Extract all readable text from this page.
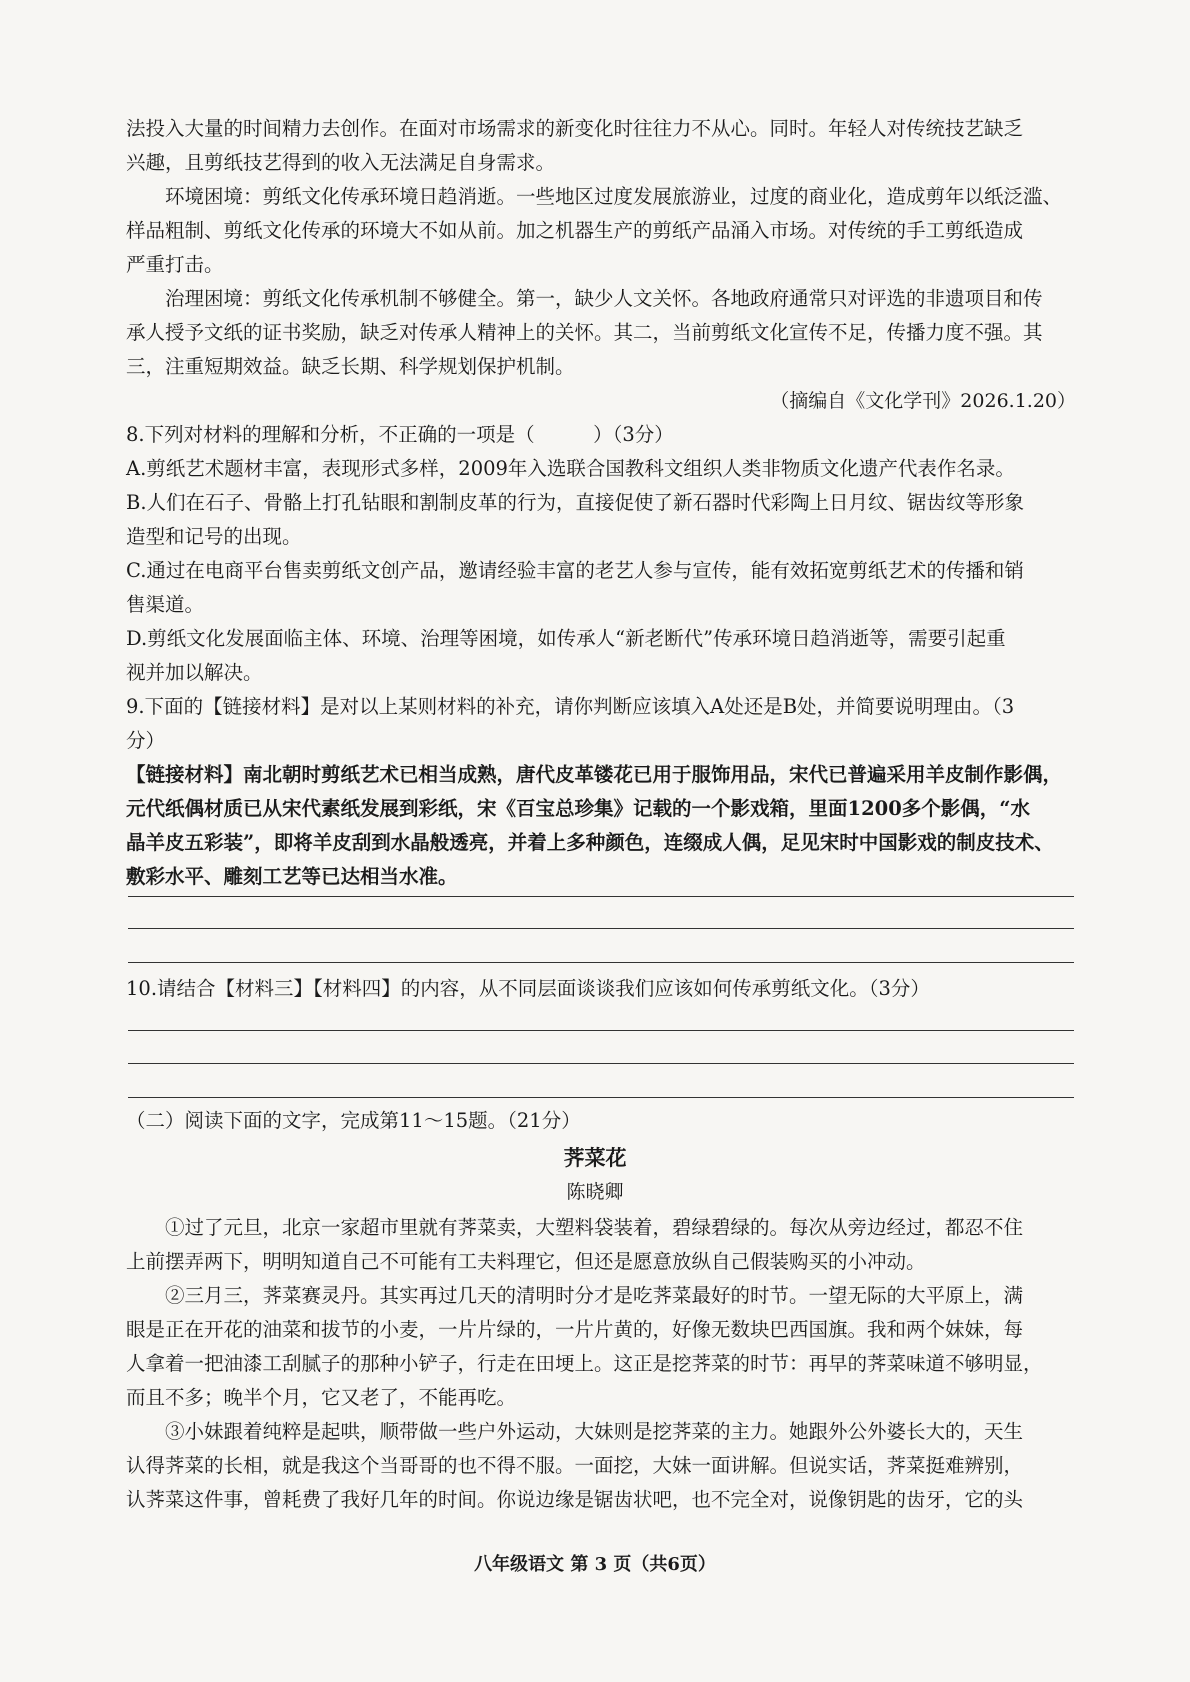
法投入大量的时间精力去创作。在面对市场需求的新变化时往往力不从心。同时。年轻人对传统技艺缺乏

兴趣，且剪纸技艺得到的收入无法满足自身需求。

环境困境：剪纸文化传承环境日趋消逝。一些地区过度发展旅游业，过度的商业化，造成剪年以纸泛滥、

样品粗制、剪纸文化传承的环境大不如从前。加之机器生产的剪纸产品涌入市场。对传统的手工剪纸造成

严重打击。

治理困境：剪纸文化传承机制不够健全。第一，缺少人文关怀。各地政府通常只对评选的非遗项目和传

承人授予文纸的证书奖励，缺乏对传承人精神上的关怀。其二，当前剪纸文化宣传不足，传播力度不强。其

三，注重短期效益。缺乏长期、科学规划保护机制。

（摘编自《文化学刊》2026.1.20）

8.下列对材料的理解和分析，不正确的一项是（　　　）（3分）

A.剪纸艺术题材丰富，表现形式多样，2009年入选联合国教科文组织人类非物质文化遗产代表作名录。

B.人们在石子、骨骼上打孔钻眼和割制皮革的行为，直接促使了新石器时代彩陶上日月纹、锯齿纹等形象

造型和记号的出现。

C.通过在电商平台售卖剪纸文创产品，邀请经验丰富的老艺人参与宣传，能有效拓宽剪纸艺术的传播和销

售渠道。

D.剪纸文化发展面临主体、环境、治理等困境，如传承人“新老断代”传承环境日趋消逝等，需要引起重

视并加以解决。

9.下面的【链接材料】是对以上某则材料的补充，请你判断应该填入A处还是B处，并简要说明理由。（3

分）

【链接材料】南北朝时剪纸艺术已相当成熟，唐代皮革镂花已用于服饰用品，宋代已普遍采用羊皮制作影偶，

元代纸偶材质已从宋代素纸发展到彩纸，宋《百宝总珍集》记载的一个影戏箱，里面1200多个影偶，“水

晶羊皮五彩装”，即将羊皮刮到水晶般透亮，并着上多种颜色，连缀成人偶，足见宋时中国影戏的制皮技术、

敷彩水平、雕刻工艺等已达相当水准。

10.请结合【材料三】【材料四】的内容，从不同层面谈谈我们应该如何传承剪纸文化。（3分）

（二）阅读下面的文字，完成第11～15题。（21分）

荠菜花
陈晓卿

①过了元旦，北京一家超市里就有荠菜卖，大塑料袋装着，碧绿碧绿的。每次从旁边经过，都忍不住

上前摆弄两下，明明知道自己不可能有工夫料理它，但还是愿意放纵自己假装购买的小冲动。

②三月三，荠菜赛灵丹。其实再过几天的清明时分才是吃荠菜最好的时节。一望无际的大平原上，满

眼是正在开花的油菜和拔节的小麦，一片片绿的，一片片黄的，好像无数块巴西国旗。我和两个妹妹，每

人拿着一把油漆工刮腻子的那种小铲子，行走在田埂上。这正是挖荠菜的时节：再早的荠菜味道不够明显，

而且不多；晚半个月，它又老了，不能再吃。

③小妹跟着纯粹是起哄，顺带做一些户外运动，大妹则是挖荠菜的主力。她跟外公外婆长大的，天生

认得荠菜的长相，就是我这个当哥哥的也不得不服。一面挖，大妹一面讲解。但说实话，荠菜挺难辨别，

认荠菜这件事，曾耗费了我好几年的时间。你说边缘是锯齿状吧，也不完全对，说像钥匙的齿牙，它的头

八年级语文 第 3 页（共6页）
